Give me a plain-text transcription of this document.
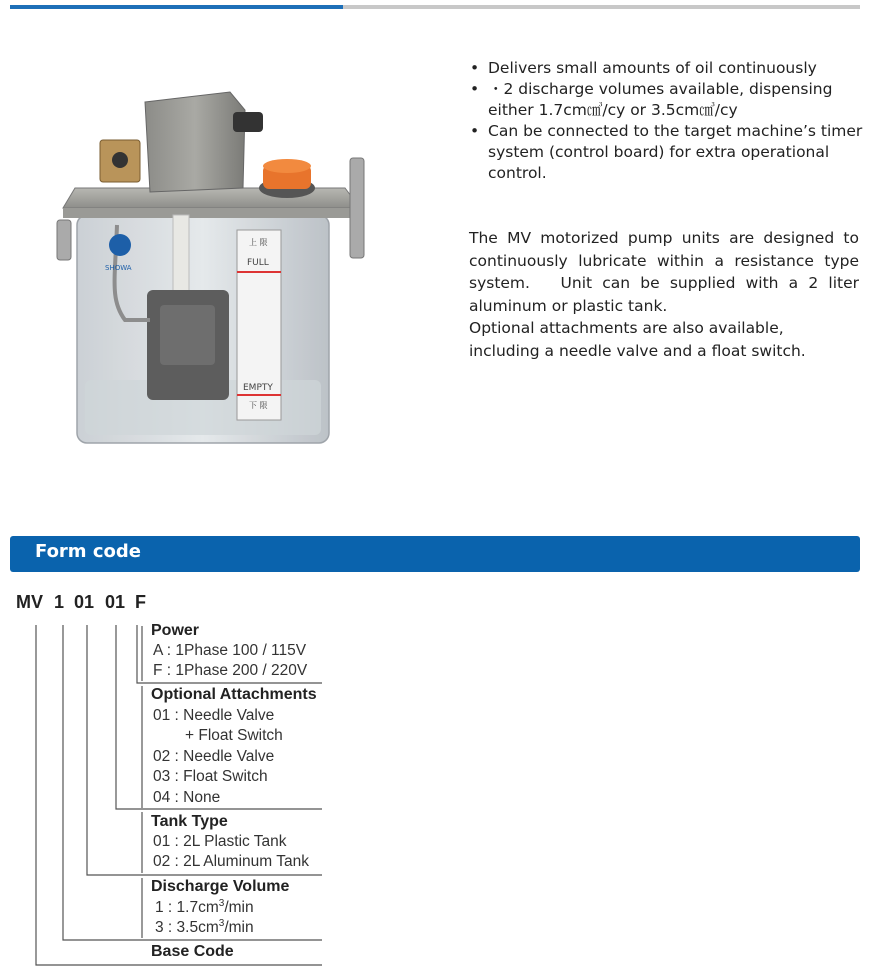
上 限
FULL
EMPTY
下 限
SHOWA
• Delivers small amounts of oil continuously
• ・2 discharge volumes available, dispensing either 1.7cm㎤/cy or 3.5cm㎤/cy
• Can be connected to the target machine’s timer system (control board) for extra operational control.

The MV motorized pump units are designed to continuously lubricate within a resistance type system. Unit can be supplied with a 2 liter aluminum or plastic tank.

Optional attachments are also available, including a needle valve and a float switch.

Form code
MV 1 01 01 F
Power
A : 1Phase 100 / 115V
F : 1Phase 200 / 220V
Optional Attachments
01 : Needle Valve
+ Float Switch
02 : Needle Valve
03 : Float Switch
04 : None
Tank Type
01 : 2L Plastic Tank
02 : 2L Aluminum Tank
Discharge Volume
1 : $1.7cm^3/\min$
3 : $3.5cm^3/\min$
Base Code
